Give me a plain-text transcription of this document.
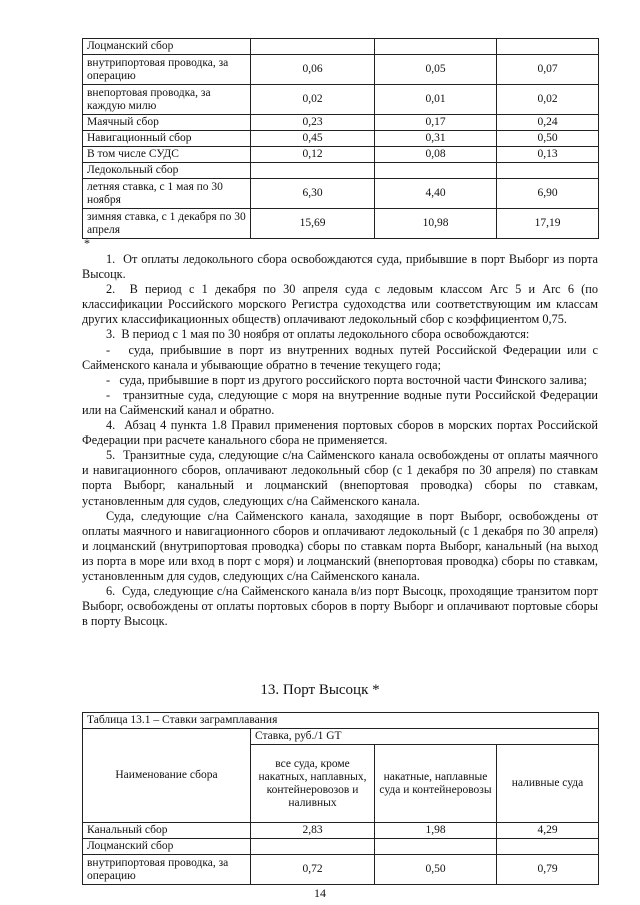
Лоцманский сбор			
внутрипортовая проводка, за операцию	0,06	0,05	0,07
внепортовая проводка, за каждую милю	0,02	0,01	0,02
Маячный сбор	0,23	0,17	0,24
Навигационный сбор	0,45	0,31	0,50
В том числе СУДС	0,12	0,08	0,13
Ледокольный сбор			
летняя ставка, с 1 мая по 30 ноября	6,30	4,40	6,90
зимняя ставка, с 1 декабря по 30 апреля	15,69	10,98	17,19
*

1.  От оплаты ледокольного сбора освобождаются суда, прибывшие в порт Выборг из порта Высоцк.

2.  В период с 1 декабря по 30 апреля суда с ледовым классом Arc 5 и Arc 6 (по классификации Российского морского Регистра судоходства или соответствующим им классам других классификационных обществ) оплачивают ледокольный сбор с коэффициентом 0,75.

3.  В период с 1 мая по 30 ноября от оплаты ледокольного сбора освобождаются:

-   суда, прибывшие в порт из внутренних водных путей Российской Федерации или с Сайменского канала и убывающие обратно в течение текущего года;

-   суда, прибывшие в порт из другого российского порта восточной части Финского залива;

-   транзитные суда, следующие с моря на внутренние водные пути Российской Федерации или на Сайменский канал и обратно.

4.  Абзац 4 пункта 1.8 Правил применения портовых сборов в морских портах Российской Федерации при расчете канального сбора не применяется.

5.  Транзитные суда, следующие с/на Сайменского канала освобождены от оплаты маячного и навигационного сборов, оплачивают ледокольный сбор (с 1 декабря по 30 апреля) по ставкам порта Выборг, канальный и лоцманский (внепортовая проводка) сборы по ставкам, установленным для судов, следующих с/на Сайменского канала.

Суда, следующие с/на Сайменского канала, заходящие в порт Выборг, освобождены от оплаты маячного и навигационного сборов и оплачивают ледокольный (с 1 декабря по 30 апреля) и лоцманский (внутрипортовая проводка) сборы по ставкам порта Выборг, канальный (на выход из порта в море или вход в порт с моря) и лоцманский (внепортовая проводка) сборы по ставкам, установленным для судов, следующих с/на Сайменского канала.

6.  Суда, следующие с/на Сайменского канала в/из порт Высоцк, проходящие транзитом порт Выборг, освобождены от оплаты портовых сборов в порту Выборг и оплачивают портовые сборы в порту Высоцк.

13. Порт Высоцк *
Таблица 13.1 – Ставки заграмплавания			
Наименование сбора	Ставка, руб./1 GT		
	все суда, кроме накатных, наплавных, контейнеровозов и наливных	накатные, наплавные суда и контейнеровозы	наливные суда
Канальный сбор	2,83	1,98	4,29
Лоцманский сбор			
внутрипортовая проводка, за операцию	0,72	0,50	0,79
14
